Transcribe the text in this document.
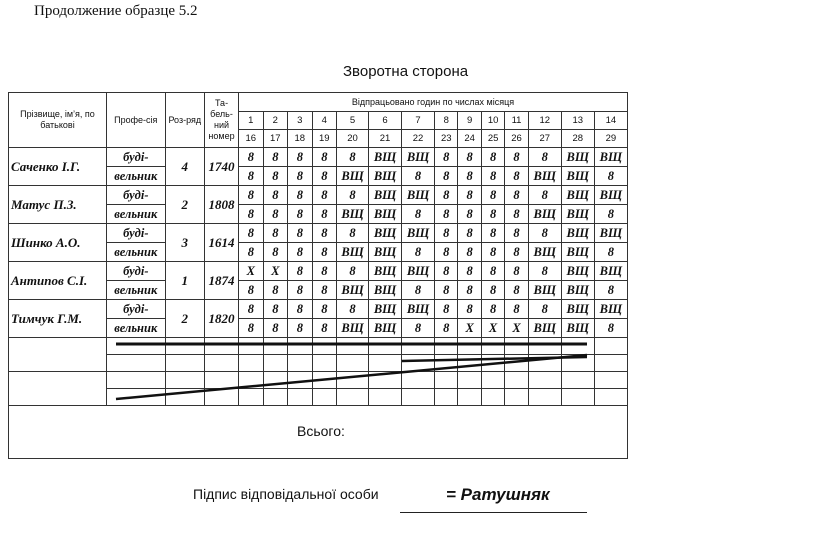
Продолжение образце 5.2
Зворотна сторона
Прізвище, ім’я, по батькові	Профе-сія	Роз-ряд	Та-бель-ний номер	Відпрацьовано годин по числах місяця													
				1	2	3	4	5	6	7	8	9	10	11	12	13	14
				16	17	18	19	20	21	22	23	24	25	26	27	28	29
Саченко І.Г.	буді-	4	1740	8	8	8	8	8	ВЩ	ВЩ	8	8	8	8	8	ВЩ	ВЩ
	вельник			8	8	8	8	ВЩ	ВЩ	8	8	8	8	8	ВЩ	ВЩ	8
Матус П.З.	буді-	2	1808	8	8	8	8	8	ВЩ	ВЩ	8	8	8	8	8	ВЩ	ВЩ
	вельник			8	8	8	8	ВЩ	ВЩ	8	8	8	8	8	ВЩ	ВЩ	8
Шинко А.О.	буді-	3	1614	8	8	8	8	8	ВЩ	ВЩ	8	8	8	8	8	ВЩ	ВЩ
	вельник			8	8	8	8	ВЩ	ВЩ	8	8	8	8	8	ВЩ	ВЩ	8
Антипов С.І.	буді-	1	1874	Х	Х	8	8	8	ВЩ	ВЩ	8	8	8	8	8	ВЩ	ВЩ
	вельник			8	8	8	8	ВЩ	ВЩ	8	8	8	8	8	ВЩ	ВЩ	8
Тимчук Г.М.	буді-	2	1820	8	8	8	8	8	ВЩ	ВЩ	8	8	8	8	8	ВЩ	ВЩ
	вельник			8	8	8	8	ВЩ	ВЩ	8	8	Х	Х	Х	ВЩ	ВЩ	8

Всього:
Підпис відповідальної особи	= Ратушняк
